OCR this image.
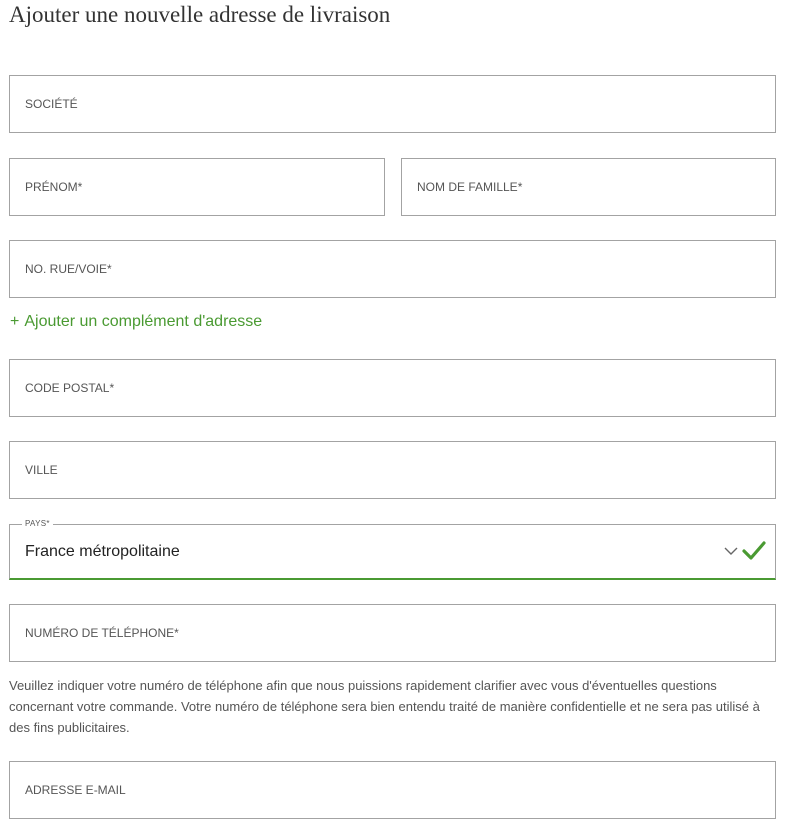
Ajouter une nouvelle adresse de livraison
SOCIÉTÉ
PRÉNOM*	NOM DE FAMILLE*
NO. RUE/VOIE*
+ Ajouter un complément d'adresse
CODE POSTAL*
VILLE
PAYS*
France métropolitaine
NUMÉRO DE TÉLÉPHONE*

Veuillez indiquer votre numéro de téléphone afin que nous puissions rapidement clarifier avec vous d'éventuelles questions concernant votre commande. Votre numéro de téléphone sera bien entendu traité de manière confidentielle et ne sera pas utilisé à des fins publicitaires.

ADRESSE E-MAIL
